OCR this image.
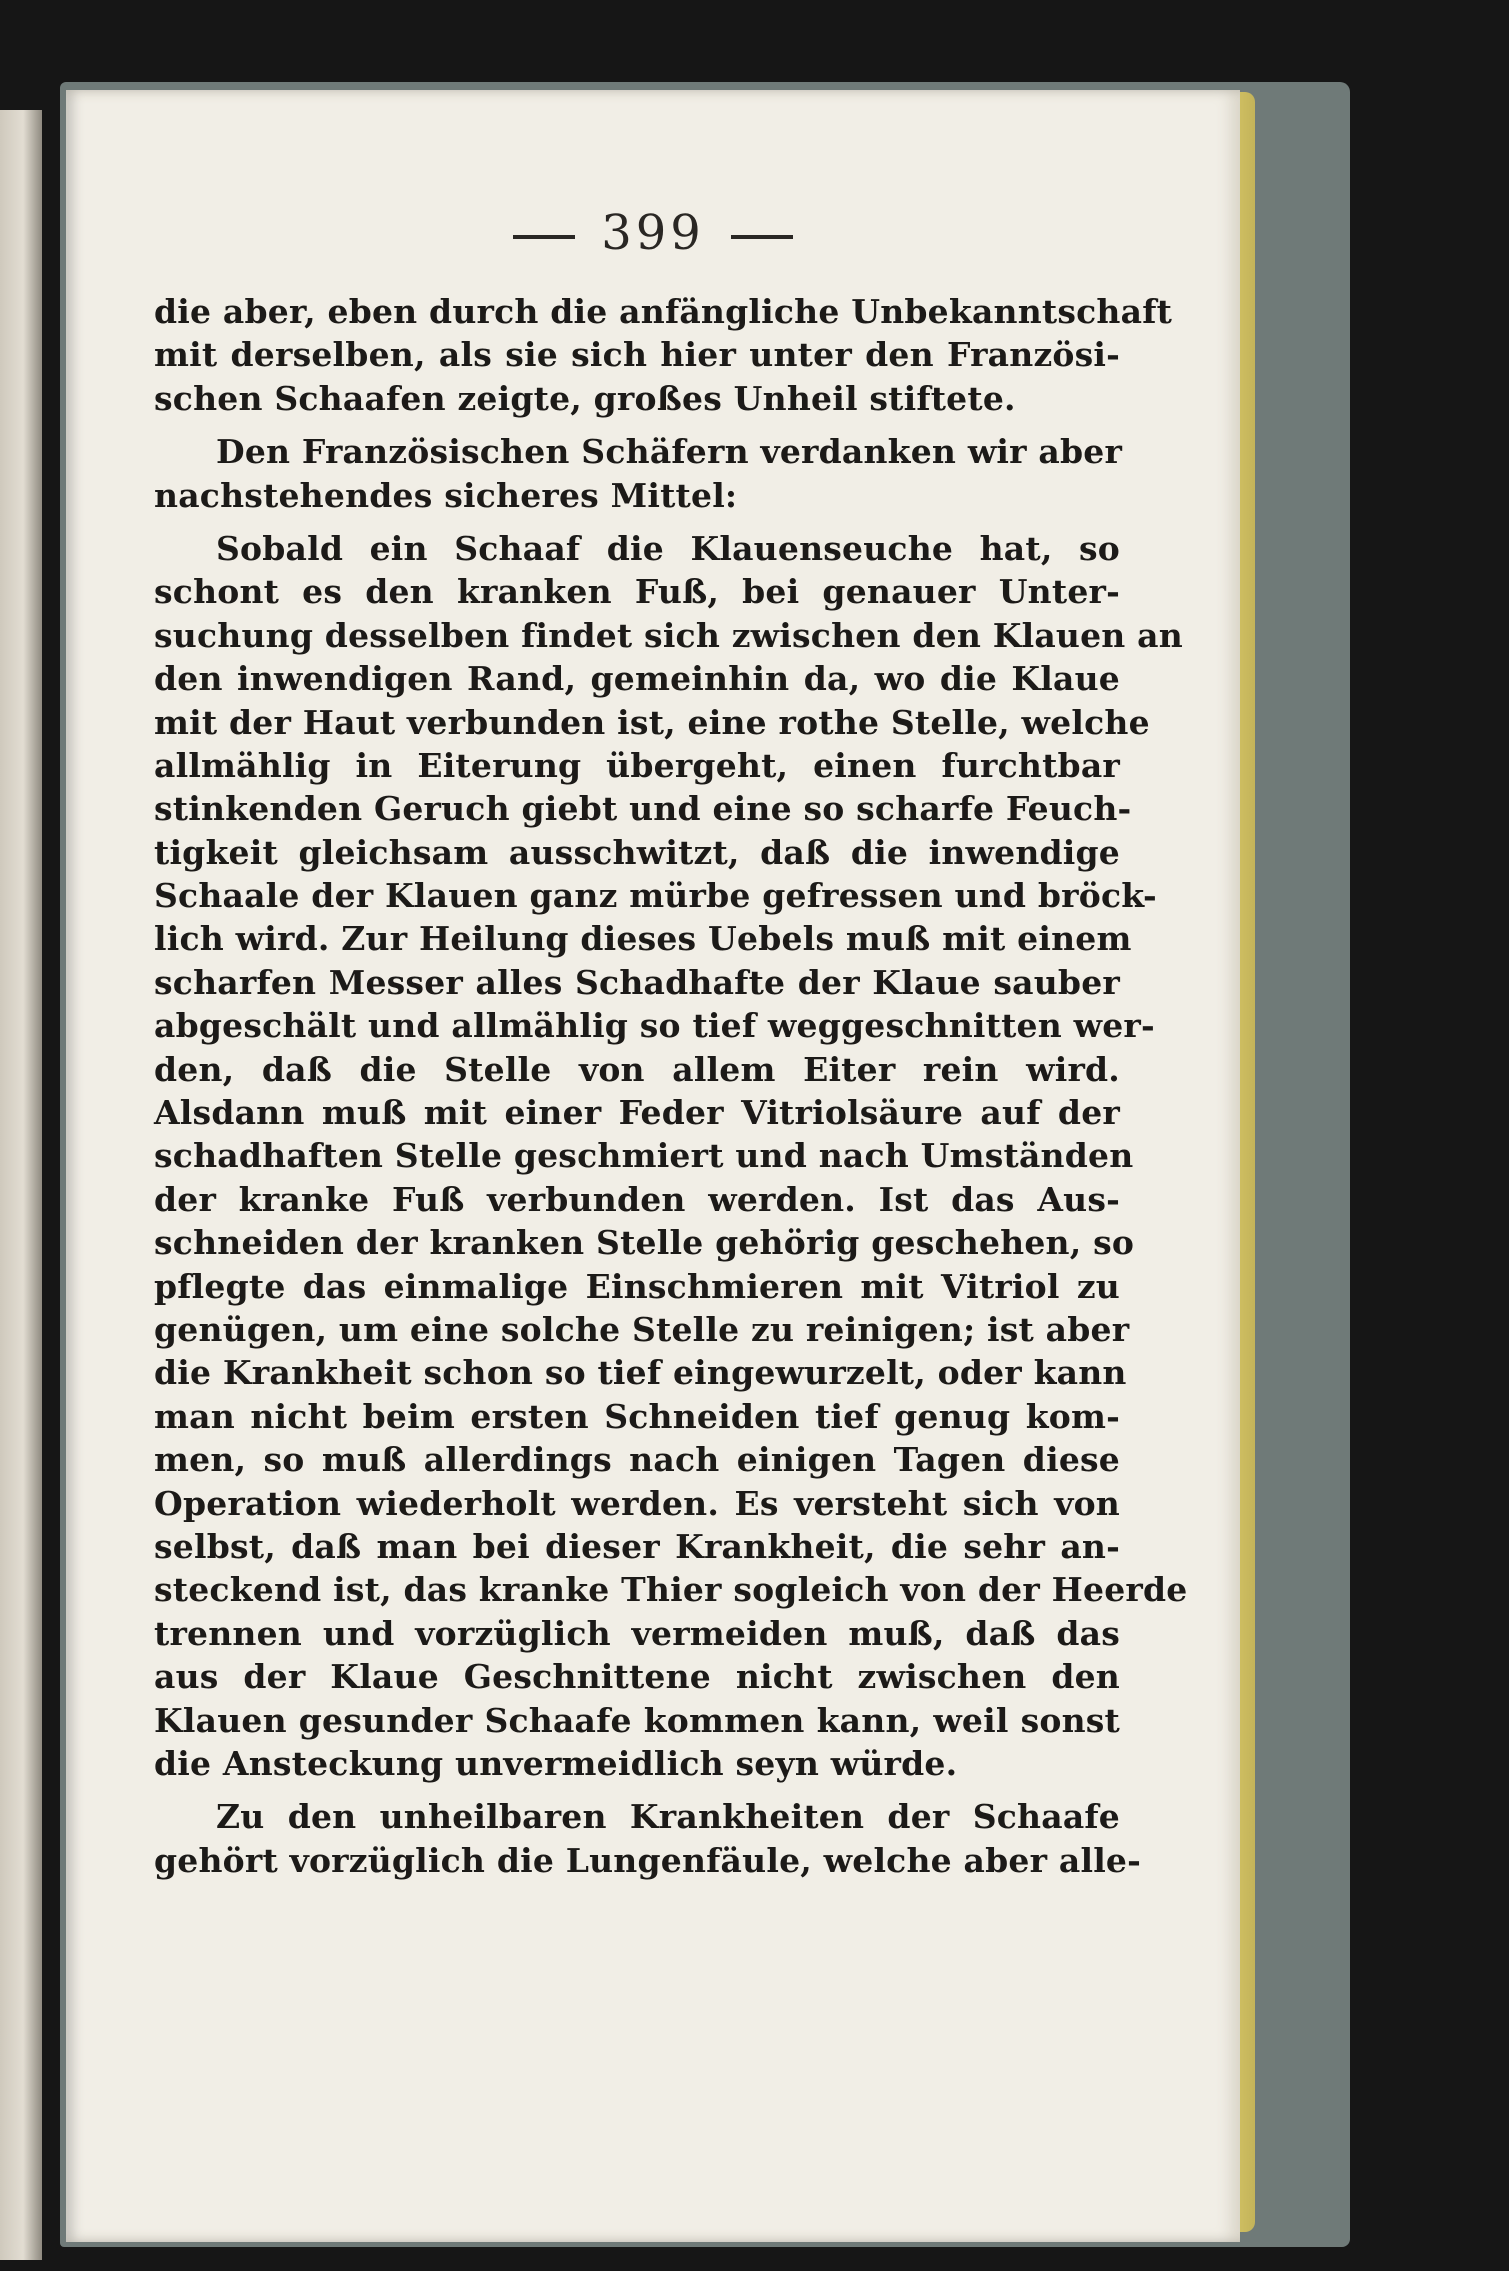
399
die aber, eben durch die anfängliche Unbekanntschaft
mit derselben, als sie sich hier unter den Französi-
schen Schaafen zeigte, großes Unheil stiftete.
Den Französischen Schäfern verdanken wir aber
nachstehendes sicheres Mittel:
Sobald ein Schaaf die Klauenseuche hat, so
schont es den kranken Fuß, bei genauer Unter-
suchung desselben findet sich zwischen den Klauen an
den inwendigen Rand, gemeinhin da, wo die Klaue
mit der Haut verbunden ist, eine rothe Stelle, welche
allmählig in Eiterung übergeht, einen furchtbar
stinkenden Geruch giebt und eine so scharfe Feuch-
tigkeit gleichsam ausschwitzt, daß die inwendige
Schaale der Klauen ganz mürbe gefressen und bröck-
lich wird. Zur Heilung dieses Uebels muß mit einem
scharfen Messer alles Schadhafte der Klaue sauber
abgeschält und allmählig so tief weggeschnitten wer-
den, daß die Stelle von allem Eiter rein wird.
Alsdann muß mit einer Feder Vitriolsäure auf der
schadhaften Stelle geschmiert und nach Umständen
der kranke Fuß verbunden werden. Ist das Aus-
schneiden der kranken Stelle gehörig geschehen, so
pflegte das einmalige Einschmieren mit Vitriol zu
genügen, um eine solche Stelle zu reinigen; ist aber
die Krankheit schon so tief eingewurzelt, oder kann
man nicht beim ersten Schneiden tief genug kom-
men, so muß allerdings nach einigen Tagen diese
Operation wiederholt werden. Es versteht sich von
selbst, daß man bei dieser Krankheit, die sehr an-
steckend ist, das kranke Thier sogleich von der Heerde
trennen und vorzüglich vermeiden muß, daß das
aus der Klaue Geschnittene nicht zwischen den
Klauen gesunder Schaafe kommen kann, weil sonst
die Ansteckung unvermeidlich seyn würde.
Zu den unheilbaren Krankheiten der Schaafe
gehört vorzüglich die Lungenfäule, welche aber alle-
